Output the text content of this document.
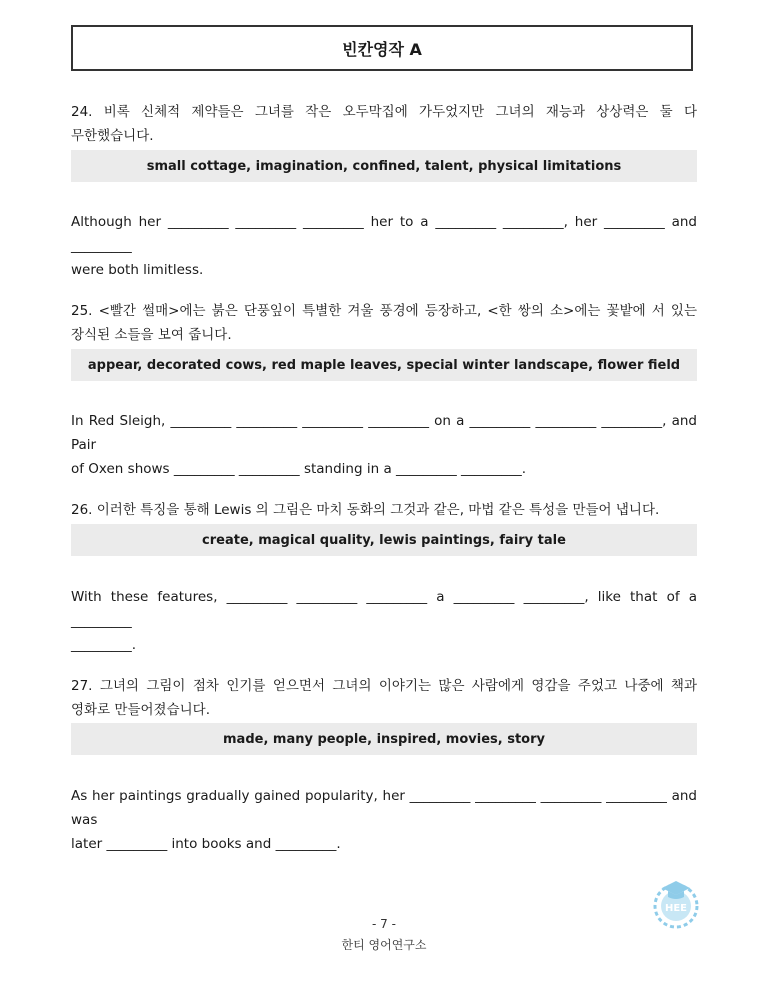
빈칸영작 A
24. 비록 신체적 제약들은 그녀를 작은 오두막집에 가두었지만 그녀의 재능과 상상력은 둘 다
무한했습니다.
small cottage, imagination, confined, talent, physical limitations
Although her _________ _________ _________ her to a _________ _________, her _________ and _________
were both limitless.
25. <빨간 썰매>에는 붉은 단풍잎이 특별한 겨울 풍경에 등장하고, <한 쌍의 소>에는 꽃밭에 서 있는
장식된 소들을 보여 줍니다.
appear, decorated cows, red maple leaves, special winter landscape, flower field
In Red Sleigh, _________ _________ _________ _________ on a _________ _________ _________, and Pair
of Oxen shows _________ _________ standing in a _________ _________.
26. 이러한 특징을 통해 Lewis 의 그림은 마치 동화의 그것과 같은, 마법 같은 특성을 만들어 냅니다.
create, magical quality, lewis paintings, fairy tale
With these features, _________ _________ _________ a _________ _________, like that of a _________
_________.
27. 그녀의 그림이 점차 인기를 얻으면서 그녀의 이야기는 많은 사람에게 영감을 주었고 나중에 책과
영화로 만들어졌습니다.
made, many people, inspired, movies, story
As her paintings gradually gained popularity, her _________ _________ _________ _________ and was
later _________ into books and _________.
HEE
- 7 -
한티 영어연구소
